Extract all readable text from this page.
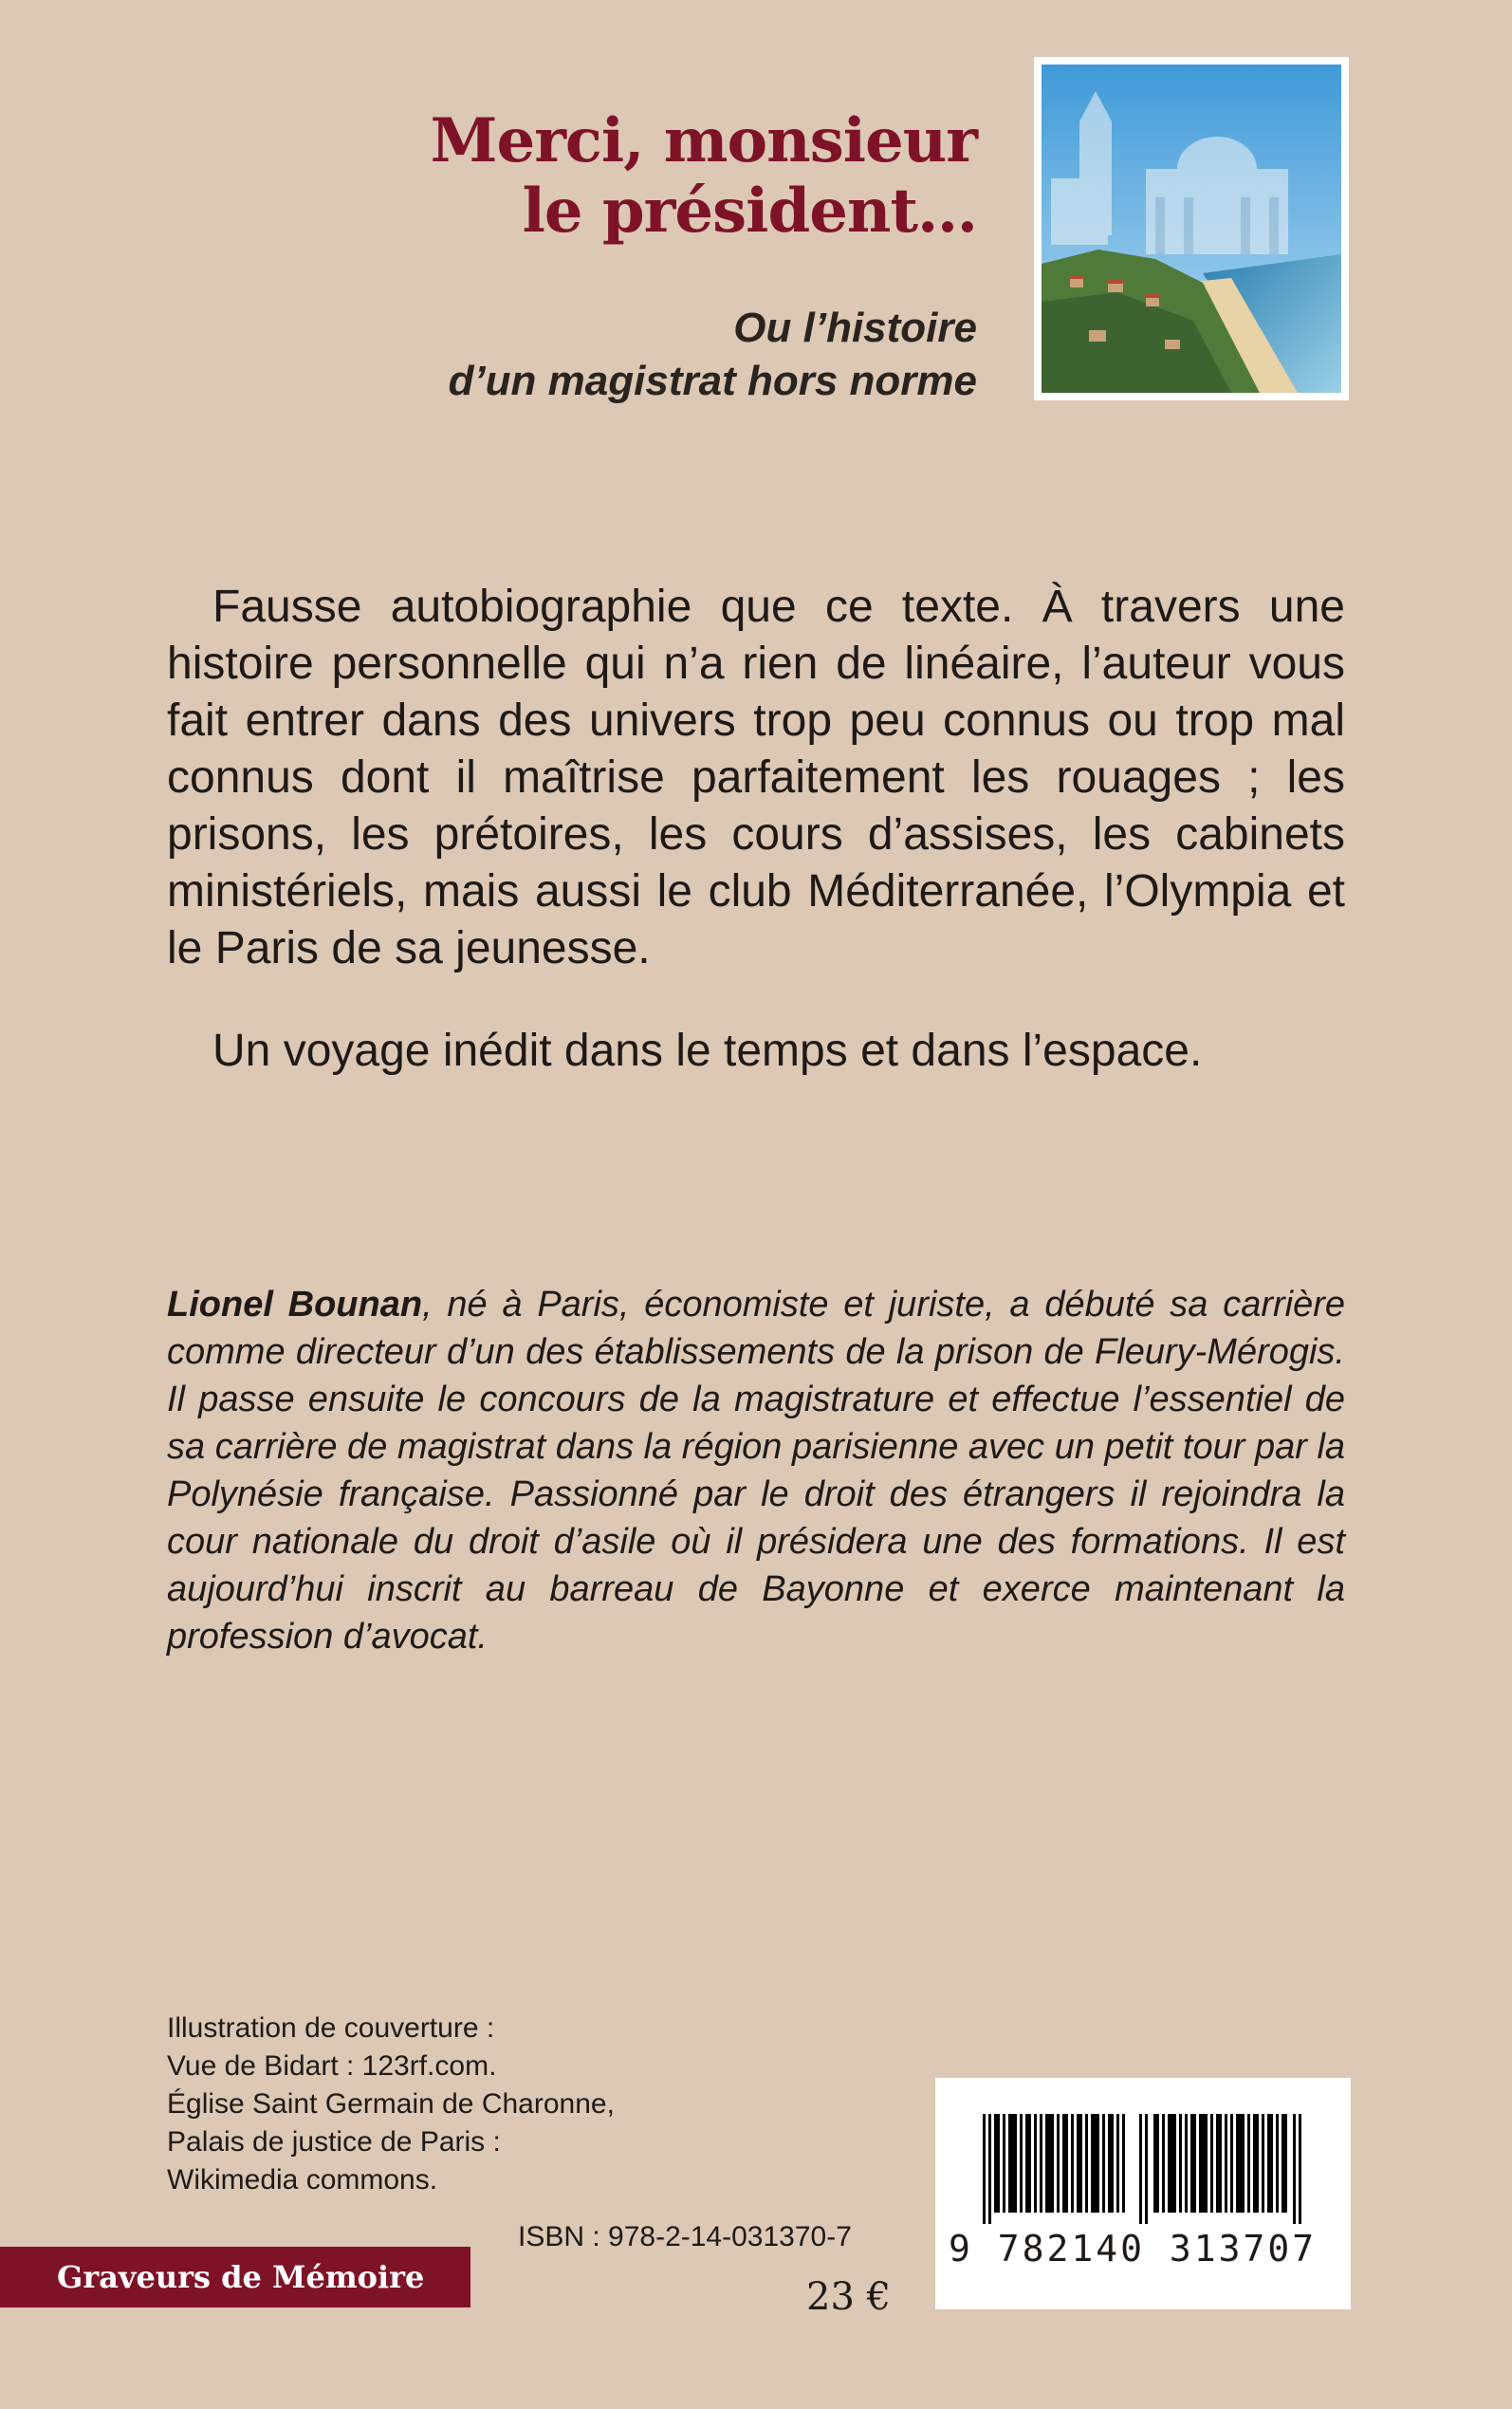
Merci, monsieur
le président…
Ou l’histoire
d’un magistrat hors norme

Fausse autobiographie que ce texte. À travers une histoire personnelle qui n’a rien de linéaire, l’auteur vous fait entrer dans des univers trop peu connus ou trop mal connus dont il maîtrise parfaitement les rouages ; les prisons, les prétoires, les cours d’assises, les cabinets ministériels, mais aussi le club Méditerranée, l’Olympia et le Paris de sa jeunesse.

Un voyage inédit dans le temps et dans l’espace.

Lionel Bounan, né à Paris, économiste et juriste, a débuté sa carrière comme directeur d’un des établissements de la prison de Fleury-Mérogis. Il passe ensuite le concours de la magistrature et effectue l’essentiel de sa carrière de magistrat dans la région parisienne avec un petit tour par la Polynésie française. Passionné par le droit des étrangers il rejoindra la cour nationale du droit d’asile où il présidera une des formations. Il est aujourd’hui inscrit au barreau de Bayonne et exerce maintenant la profession d’avocat.
Illustration de couverture :
Vue de Bidart : 123rf.com.
Église Saint Germain de Charonne,
Palais de justice de Paris :
Wikimedia commons.
Graveurs de Mémoire
ISBN : 978-2-14-031370-7
23 €
9 782140 313707
